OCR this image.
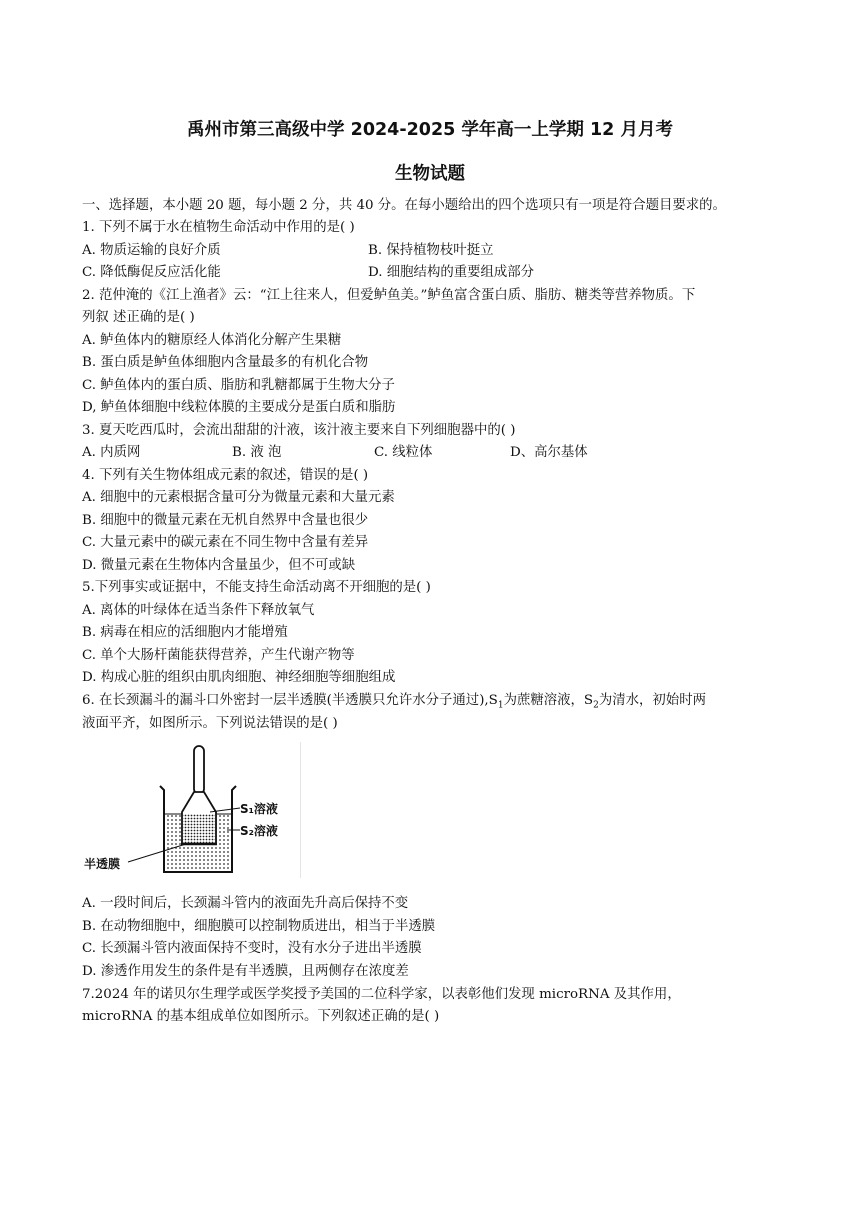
禹州市第三高级中学 2024-2025 学年高一上学期 12 月月考
生物试题
一、选择题，本小题 20 题，每小题 2 分，共 40 分。在每小题给出的四个选项只有一项是符合题目要求的。
1. 下列不属于水在植物生命活动中作用的是( )
A. 物质运输的良好介质	B. 保持植物枝叶挺立
C. 降低酶促反应活化能	D. 细胞结构的重要组成部分
2. 范仲淹的《江上渔者》云：“江上往来人，但爱鲈鱼美。”鲈鱼富含蛋白质、脂肪、糖类等营养物质。下
列叙 述正确的是( )
A. 鲈鱼体内的糖原经人体消化分解产生果糖
B. 蛋白质是鲈鱼体细胞内含量最多的有机化合物
C. 鲈鱼体内的蛋白质、脂肪和乳糖都属于生物大分子
D, 鲈鱼体细胞中线粒体膜的主要成分是蛋白质和脂肪
3. 夏天吃西瓜时，会流出甜甜的汁液，该汁液主要来自下列细胞器中的( )
A. 内质网	B. 液 泡	C. 线粒体	D、高尔基体
4. 下列有关生物体组成元素的叙述，错误的是( )
A. 细胞中的元素根据含量可分为微量元素和大量元素
B. 细胞中的微量元素在无机自然界中含量也很少
C. 大量元素中的碳元素在不同生物中含量有差异
D. 微量元素在生物体内含量虽少，但不可或缺
5.下列事实或证据中，不能支持生命活动离不开细胞的是( )
A. 离体的叶绿体在适当条件下释放氧气
B. 病毒在相应的活细胞内才能增殖
C. 单个大肠杆菌能获得营养，产生代谢产物等
D. 构成心脏的组织由肌肉细胞、神经细胞等细胞组成
6. 在长颈漏斗的漏斗口外密封一层半透膜(半透膜只允许水分子通过)$,S_1$为蔗糖溶液，$S_2$为清水，初始时两
液面平齐，如图所示。下列说法错误的是( )
S₁溶液
S₂溶液
半透膜
A. 一段时间后，长颈漏斗管内的液面先升高后保持不变
B. 在动物细胞中，细胞膜可以控制物质进出，相当于半透膜
C. 长颈漏斗管内液面保持不变时，没有水分子进出半透膜
D. 渗透作用发生的条件是有半透膜，且两侧存在浓度差
7.2024 年的诺贝尔生理学或医学奖授予美国的二位科学家，以表彰他们发现 microRNA 及其作用，
microRNA 的基本组成单位如图所示。下列叙述正确的是( )
